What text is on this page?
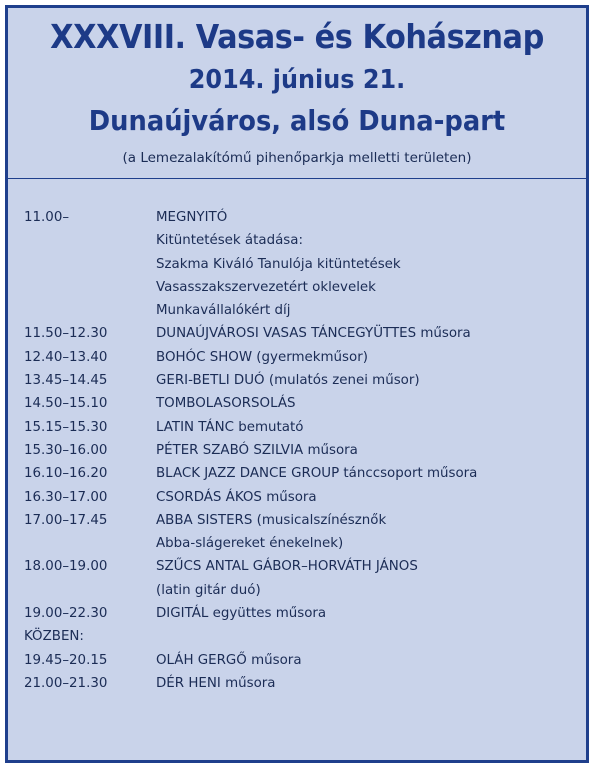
XXXVIII. Vasas- és Kohásznap
2014. június 21.
Dunaújváros, alsó Duna-part
(a Lemezalakítómű pihenőparkja melletti területen)
11.00–	MEGNYITÓ
Kitüntetések átadása:
Szakma Kiváló Tanulója kitüntetések
Vasasszakszervezetért oklevelek
Munkavállalókért díj
11.50–12.30	DUNAÚJVÁROSI VASAS TÁNCEGYÜTTES műsora
12.40–13.40	BOHÓC SHOW (gyermekműsor)
13.45–14.45	GERI-BETLI DUÓ (mulatós zenei műsor)
14.50–15.10	TOMBOLASORSOLÁS
15.15–15.30	LATIN TÁNC bemutató
15.30–16.00	PÉTER SZABÓ SZILVIA műsora
16.10–16.20	BLACK JAZZ DANCE GROUP tánccsoport műsora
16.30–17.00	CSORDÁS ÁKOS műsora
17.00–17.45	ABBA SISTERS (musicalszínésznők
Abba-slágereket énekelnek)
18.00–19.00	SZŰCS ANTAL GÁBOR–HORVÁTH JÁNOS
(latin gitár duó)
19.00–22.30	DIGITÁL együttes műsora
KÖZBEN:
19.45–20.15	OLÁH GERGŐ műsora
21.00–21.30	DÉR HENI műsora
